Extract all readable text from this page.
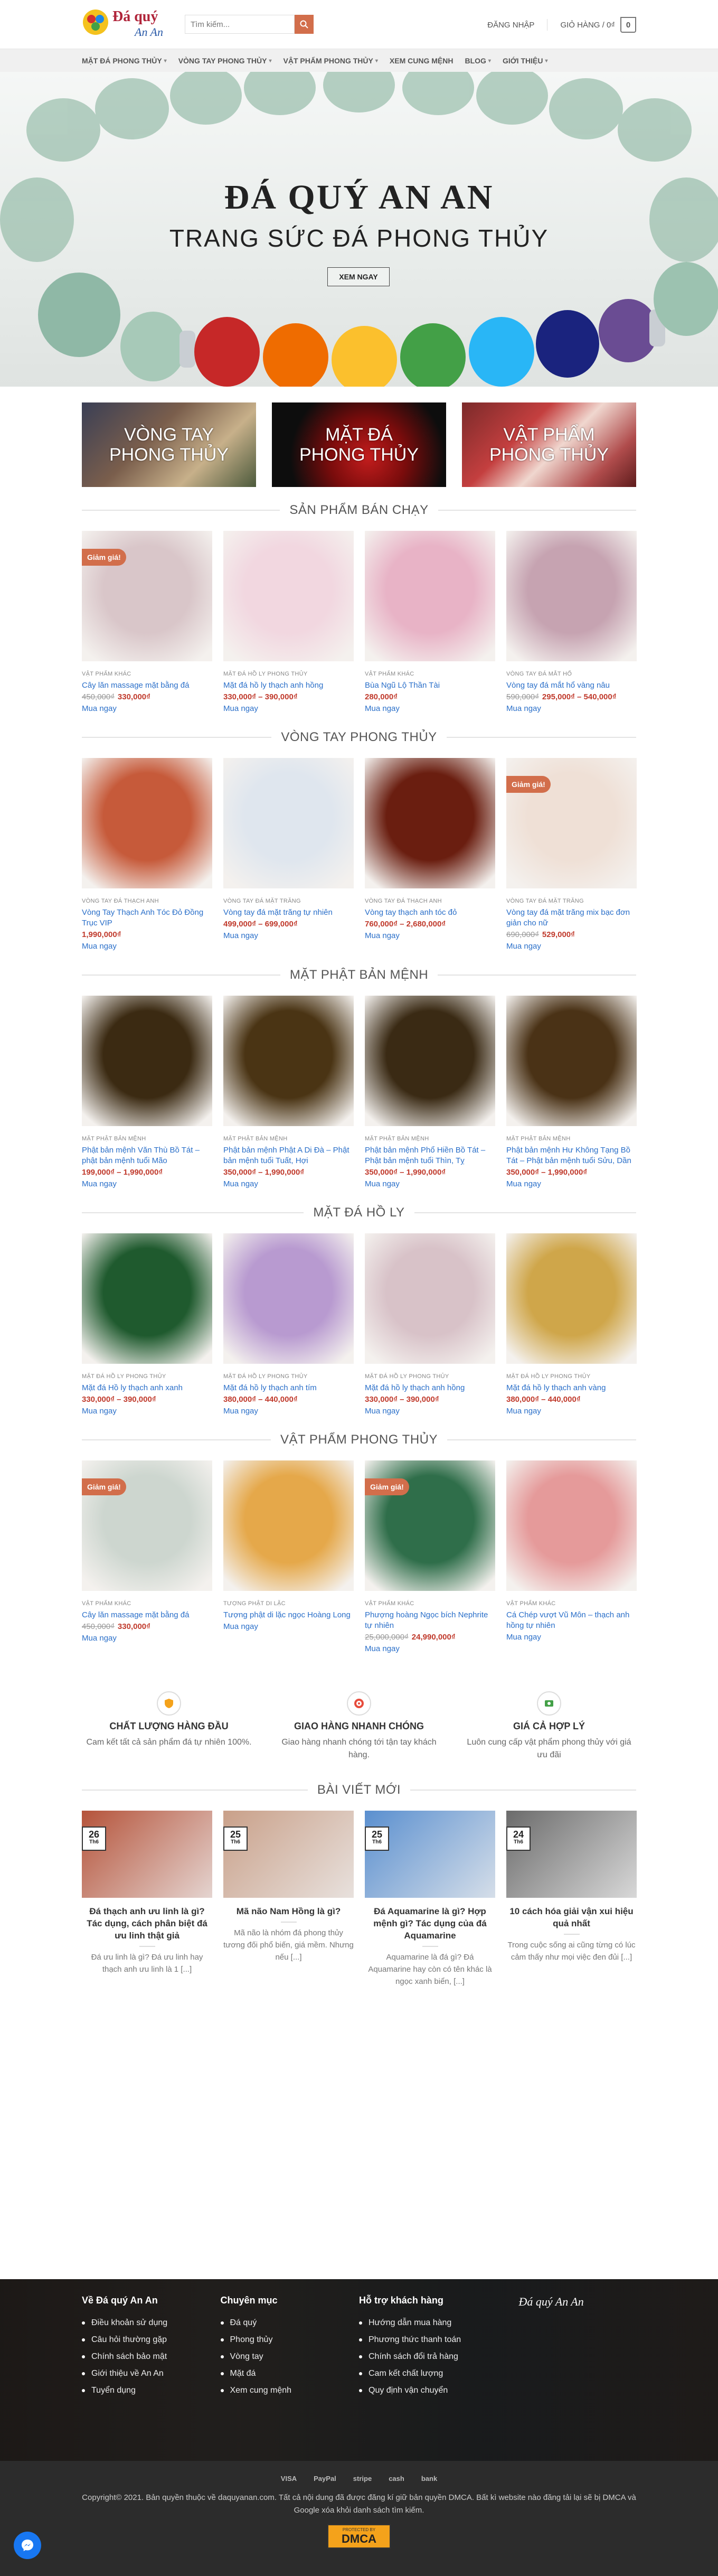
Đá quý
An An
Tìm kiếm...
ĐĂNG NHẬP	GIỎ HÀNG / 0₫ 0
MẶT ĐÁ PHONG THỦY ▾ VÒNG TAY PHONG THỦY ▾ VẬT PHẨM PHONG THỦY ▾ XEM CUNG MỆNH BLOG ▾ GIỚI THIỆU ▾
ĐÁ QUÝ AN AN
TRANG SỨC ĐÁ PHONG THỦY
XEM NGAY
VÒNG TAY PHONG THỦY
MẶT ĐÁ PHONG THỦY
VẬT PHẨM PHONG THỦY
SẢN PHẨM BÁN CHẠY
Giảm giá!
VẬT PHẨM KHÁC
Cây lăn massage mặt bằng đá
450,000₫ 330,000₫
Mua ngay
MẶT ĐÁ HỒ LY PHONG THỦY
Mặt đá hồ ly thạch anh hồng
330,000₫ – 390,000₫
Mua ngay
VẬT PHẨM KHÁC
Bùa Ngũ Lộ Thần Tài
280,000₫
Mua ngay
VÒNG TAY ĐÁ MẮT HỔ
Vòng tay đá mắt hổ vàng nâu
590,000₫ 295,000₫ – 540,000₫
Mua ngay
VÒNG TAY PHONG THỦY
VÒNG TAY ĐÁ THẠCH ANH
Vòng Tay Thạch Anh Tóc Đỏ Đồng Trục VIP
1,990,000₫
Mua ngay
VÒNG TAY ĐÁ MẶT TRĂNG
Vòng tay đá mặt trăng tự nhiên
499,000₫ – 699,000₫
Mua ngay
VÒNG TAY ĐÁ THẠCH ANH
Vòng tay thạch anh tóc đỏ
760,000₫ – 2,680,000₫
Mua ngay
Giảm giá!
VÒNG TAY ĐÁ MẶT TRĂNG
Vòng tay đá mặt trăng mix bạc đơn giản cho nữ
690,000₫ 529,000₫
Mua ngay
MẶT PHẬT BẢN MỆNH
MẶT PHẬT BẢN MỆNH
Phật bản mệnh Văn Thù Bồ Tát – phật bản mệnh tuổi Mão
199,000₫ – 1,990,000₫
Mua ngay
MẶT PHẬT BẢN MỆNH
Phật bản mệnh Phật A Di Đà – Phật bản mệnh tuổi Tuất, Hợi
350,000₫ – 1,990,000₫
Mua ngay
MẶT PHẬT BẢN MỆNH
Phật bản mệnh Phổ Hiền Bồ Tát – Phật bản mệnh tuổi Thìn, Tỵ
350,000₫ – 1,990,000₫
Mua ngay
MẶT PHẬT BẢN MỆNH
Phật bản mệnh Hư Không Tạng Bồ Tát – Phật bản mệnh tuổi Sửu, Dần
350,000₫ – 1,990,000₫
Mua ngay
MẶT ĐÁ HỒ LY
MẶT ĐÁ HỒ LY PHONG THỦY
Mặt đá Hồ ly thạch anh xanh
330,000₫ – 390,000₫
Mua ngay
MẶT ĐÁ HỒ LY PHONG THỦY
Mặt đá hồ ly thạch anh tím
380,000₫ – 440,000₫
Mua ngay
MẶT ĐÁ HỒ LY PHONG THỦY
Mặt đá hồ ly thạch anh hồng
330,000₫ – 390,000₫
Mua ngay
MẶT ĐÁ HỒ LY PHONG THỦY
Mặt đá hồ ly thạch anh vàng
380,000₫ – 440,000₫
Mua ngay
VẬT PHẨM PHONG THỦY
Giảm giá!
VẬT PHẨM KHÁC
Cây lăn massage mặt bằng đá
450,000₫ 330,000₫
Mua ngay
TƯỢNG PHẬT DI LẶC
Tượng phật di lặc ngọc Hoàng Long
Mua ngay
Giảm giá!
VẬT PHẨM KHÁC
Phượng hoàng Ngọc bích Nephrite tự nhiên
25,000,000₫ 24,990,000₫
Mua ngay
VẬT PHẨM KHÁC
Cá Chép vượt Vũ Môn – thạch anh hồng tự nhiên
Mua ngay
CHẤT LƯỢNG HÀNG ĐẦU

Cam kết tất cả sản phẩm đá tự nhiên 100%.

GIAO HÀNG NHANH CHÓNG

Giao hàng nhanh chóng tới tận tay khách hàng.

GIÁ CẢ HỢP LÝ

Luôn cung cấp vật phẩm phong thủy với giá ưu đãi

BÀI VIẾT MỚI
26
Th6
Đá thạch anh ưu linh là gì? Tác dụng, cách phân biệt đá ưu linh thật giả

Đá ưu linh là gì? Đá ưu linh hay thạch anh ưu linh là 1 [...]

25
Th6
Mã não Nam Hồng là gì?

Mã não là nhóm đá phong thủy tương đối phổ biến, giá mềm. Nhưng nếu [...]

25
Th6
Đá Aquamarine là gì? Hợp mệnh gì? Tác dụng của đá Aquamarine

Aquamarine là đá gì? Đá Aquamarine hay còn có tên khác là ngọc xanh biển, [...]

24
Th6
10 cách hóa giải vận xui hiệu quả nhất

Trong cuộc sống ai cũng từng có lúc cảm thấy như mọi việc đen đủi [...]

Về Đá quý An An
Điều khoản sử dụng
Câu hỏi thường gặp
Chính sách bảo mật
Giới thiệu về An An
Tuyển dụng
Chuyên mục
Đá quý
Phong thủy
Vòng tay
Mặt đá
Xem cung mệnh
Hỗ trợ khách hàng
Hướng dẫn mua hàng
Phương thức thanh toán
Chính sách đổi trả hàng
Cam kết chất lượng
Quy định vận chuyển
Đá quý An An
VISA	PayPal	stripe	cash	bank

Copyright© 2021. Bản quyền thuộc về daquyanan.com. Tất cả nội dung đã được đăng kí giữ bản quyền DMCA. Bất kì website nào đăng tải lại sẽ bị DMCA và Google xóa khỏi danh sách tìm kiếm.

PROTECTED BY
DMCA
